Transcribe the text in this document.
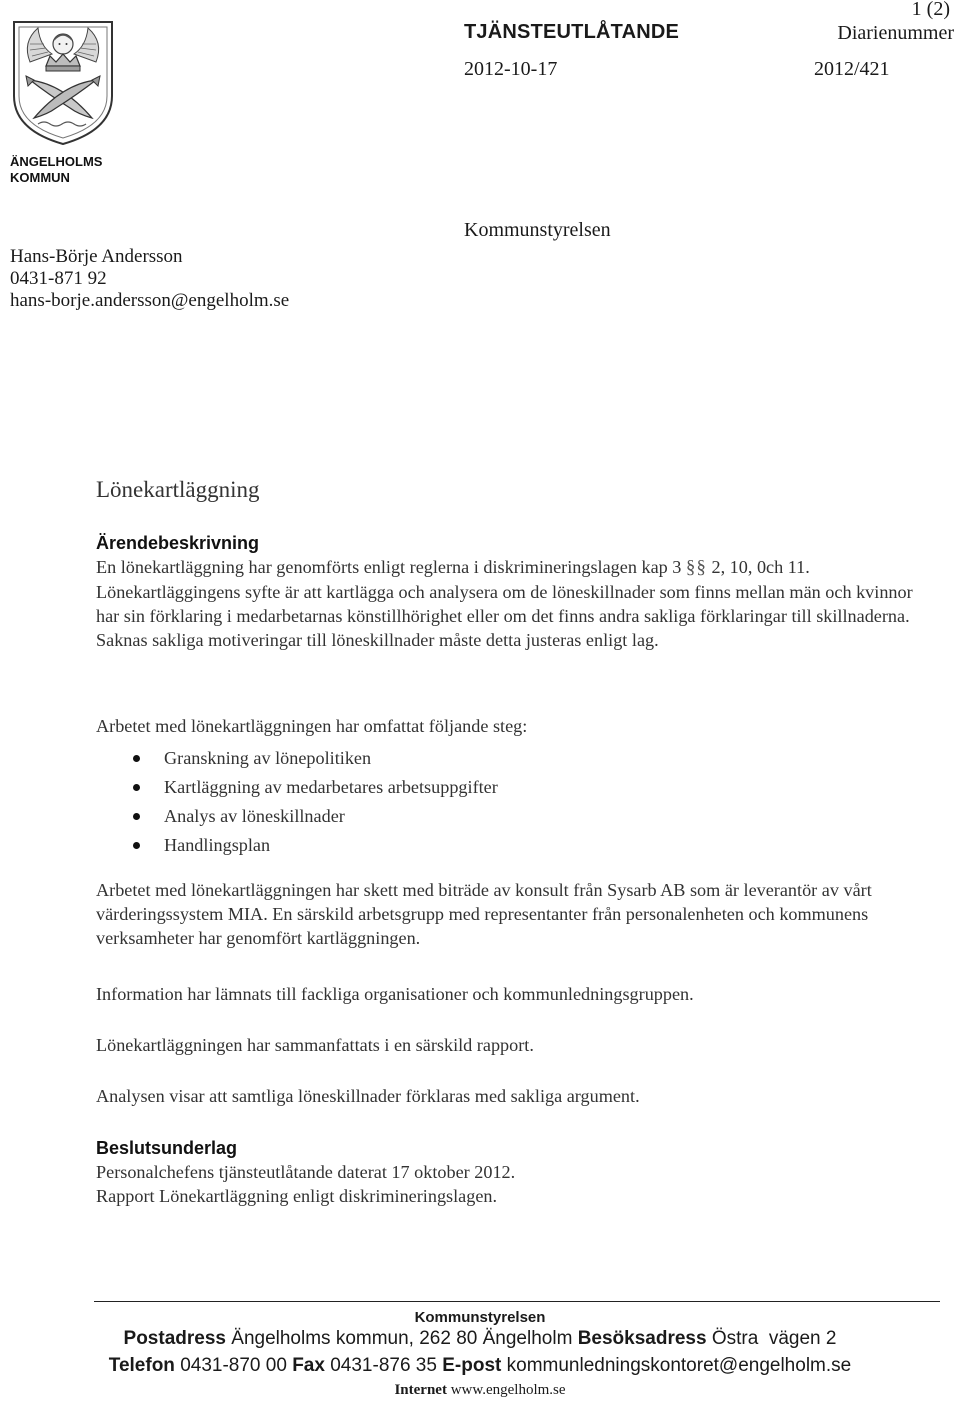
ÄNGELHOLMS
KOMMUN
1 (2)
TJÄNSTEUTLÅTANDE	Diarienummer
2012-10-17	2012/421
Kommunstyrelsen
Hans-Börje Andersson
0431-871 92
hans-borje.andersson@engelholm.se
Lönekartläggning
Ärendebeskrivning

En lönekartläggning har genomförts enligt reglerna i diskrimineringslagen kap 3 §§ 2, 10, 0ch 11. Lönekartläggingens syfte är att kartlägga och analysera om de löneskillnader som finns mellan män och kvinnor har sin förklaring i medarbetarnas könstillhörighet eller om det finns andra sakliga förklaringar till skillnaderna. Saknas sakliga motiveringar till löneskillnader måste detta justeras enligt lag.

Arbetet med lönekartläggningen har omfattat följande steg:

Granskning av lönepolitiken
Kartläggning av medarbetares arbetsuppgifter
Analys av löneskillnader
Handlingsplan
Arbetet med lönekartläggningen har skett med biträde av konsult från Sysarb AB som är leverantör av vårt värderingssystem MIA. En särskild arbetsgrupp med representanter från personalenheten och kommunens verksamheter har genomfört kartläggningen.
Information har lämnats till fackliga organisationer och kommunledningsgruppen.
Lönekartläggningen har sammanfattats i en särskild rapport.
Analysen visar att samtliga löneskillnader förklaras med sakliga argument.
Beslutsunderlag

Personalchefens tjänsteutlåtande daterat 17 oktober 2012.

Rapport Lönekartläggning enligt diskrimineringslagen.

Kommunstyrelsen
Postadress Ängelholms kommun, 262 80 Ängelholm Besöksadress Östra  vägen 2
Telefon 0431-870 00 Fax 0431-876 35 E-post kommunledningskontoret@engelholm.se
Internet www.engelholm.se
